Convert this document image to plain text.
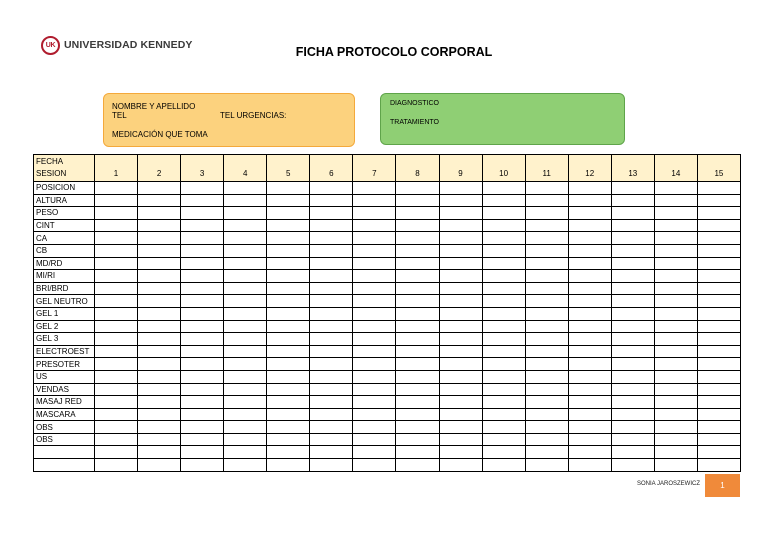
UK UNIVERSIDAD KENNEDY	FICHA PROTOCOLO CORPORAL
NOMBRE Y APELLIDO
TEL	TEL URGENCIAS:
MEDICACIÓN QUE TOMA
DIAGNOSTICO
TRATAMIENTO
FECHA
SESION	1	2	3	4	5	6	7	8	9	10	11	12	13	14	15
POSICION															
ALTURA															
PESO															
CINT															
CA															
CB															
MD/RD															
MI/RI															
BRI/BRD															
GEL NEUTRO															
GEL 1															
GEL 2															
GEL 3															
ELECTROEST															
PRESOTER															
US															
VENDAS															
MASAJ RED															
MASCARA															
OBS															
OBS															

SONIA JAROSZEWICZ	1
